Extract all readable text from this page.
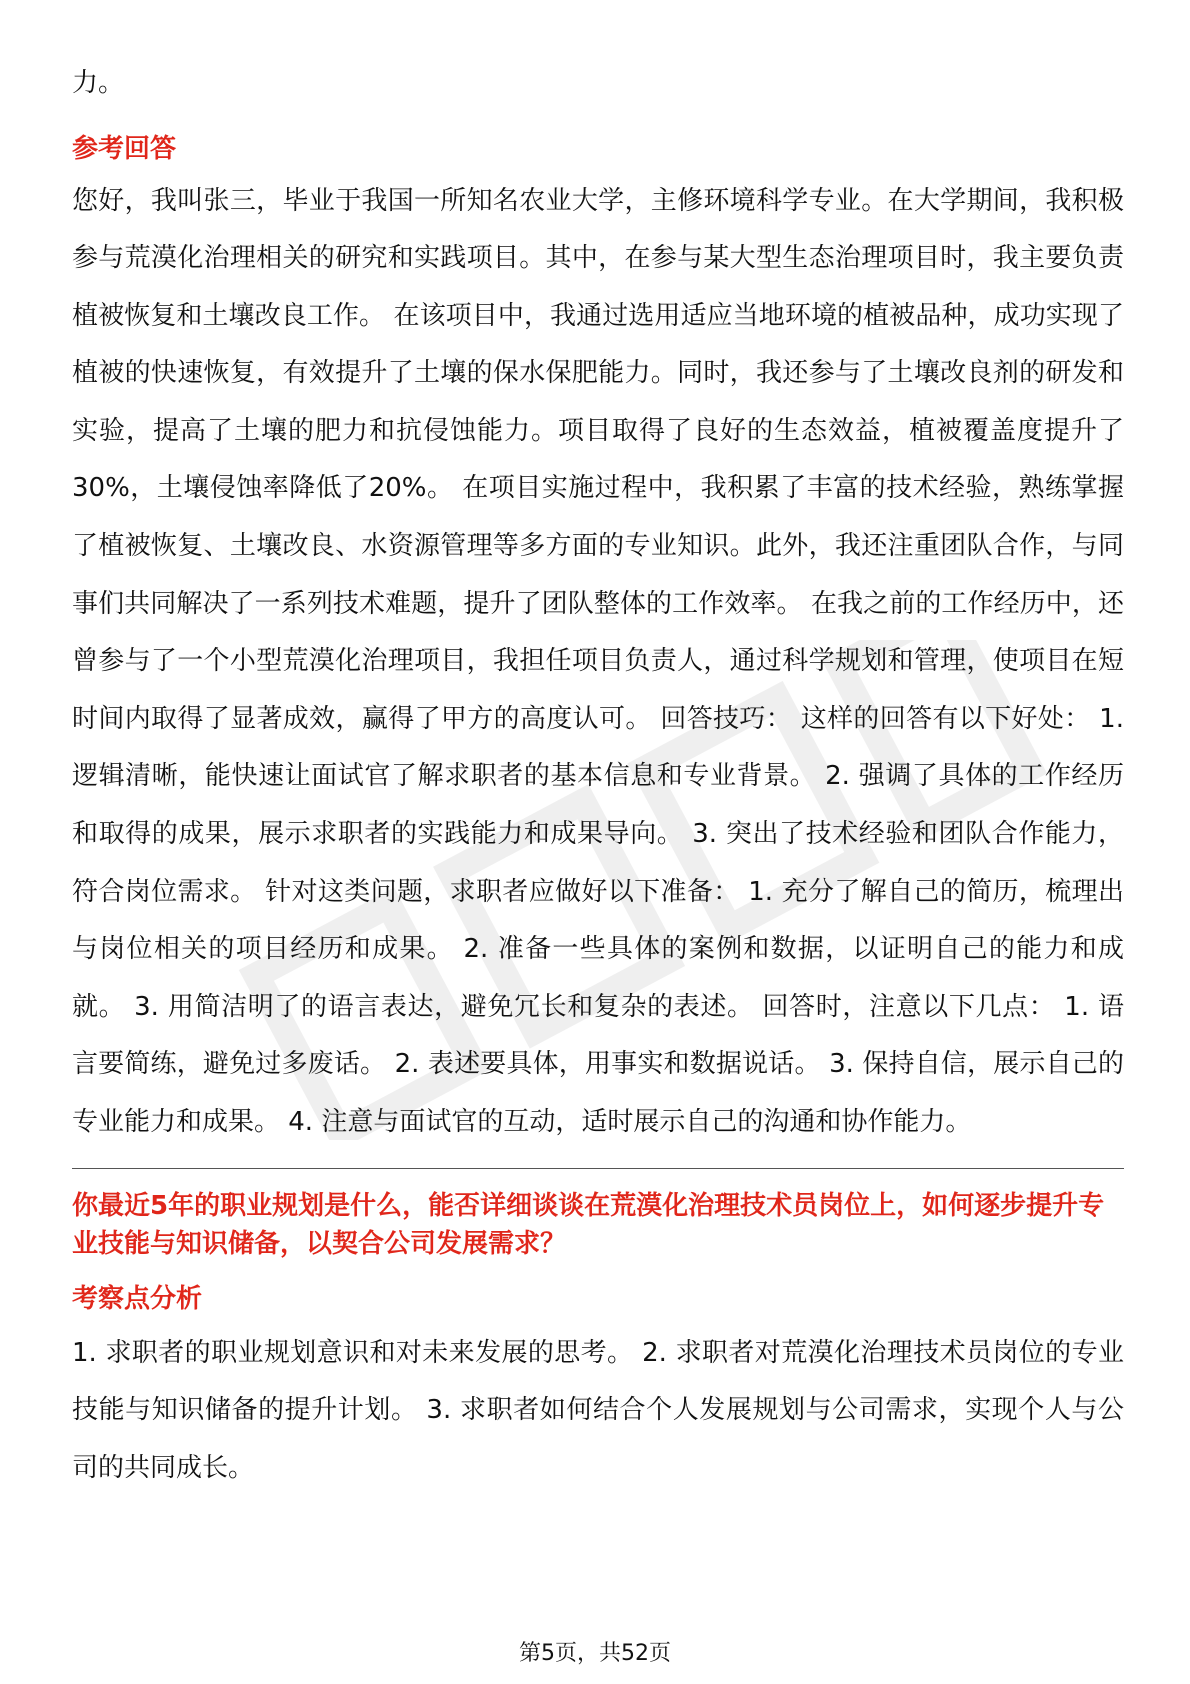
力。

参考回答

您好，我叫张三，毕业于我国一所知名农业大学，主修环境科学专业。在大学期间，我积极参与荒漠化治理相关的研究和实践项目。其中，在参与某大型生态治理项目时，我主要负责植被恢复和土壤改良工作。 在该项目中，我通过选用适应当地环境的植被品种，成功实现了植被的快速恢复，有效提升了土壤的保水保肥能力。同时，我还参与了土壤改良剂的研发和实验，提高了土壤的肥力和抗侵蚀能力。项目取得了良好的生态效益，植被覆盖度提升了30%，土壤侵蚀率降低了20%。 在项目实施过程中，我积累了丰富的技术经验，熟练掌握了植被恢复、土壤改良、水资源管理等多方面的专业知识。此外，我还注重团队合作，与同事们共同解决了一系列技术难题，提升了团队整体的工作效率。 在我之前的工作经历中，还曾参与了一个小型荒漠化治理项目，我担任项目负责人，通过科学规划和管理，使项目在短时间内取得了显著成效，赢得了甲方的高度认可。 回答技巧： 这样的回答有以下好处： 1. 逻辑清晰，能快速让面试官了解求职者的基本信息和专业背景。 2. 强调了具体的工作经历和取得的成果，展示求职者的实践能力和成果导向。 3. 突出了技术经验和团队合作能力，符合岗位需求。 针对这类问题，求职者应做好以下准备： 1. 充分了解自己的简历，梳理出与岗位相关的项目经历和成果。 2. 准备一些具体的案例和数据，以证明自己的能力和成就。 3. 用简洁明了的语言表达，避免冗长和复杂的表述。 回答时，注意以下几点： 1. 语言要简练，避免过多废话。 2. 表述要具体，用事实和数据说话。 3. 保持自信，展示自己的专业能力和成果。 4. 注意与面试官的互动，适时展示自己的沟通和协作能力。

你最近5年的职业规划是什么，能否详细谈谈在荒漠化治理技术员岗位上，如何逐步提升专业技能与知识储备，以契合公司发展需求？

考察点分析

1. 求职者的职业规划意识和对未来发展的思考。 2. 求职者对荒漠化治理技术员岗位的专业技能与知识储备的提升计划。 3. 求职者如何结合个人发展规划与公司需求，实现个人与公司的共同成长。

第5页，共52页
